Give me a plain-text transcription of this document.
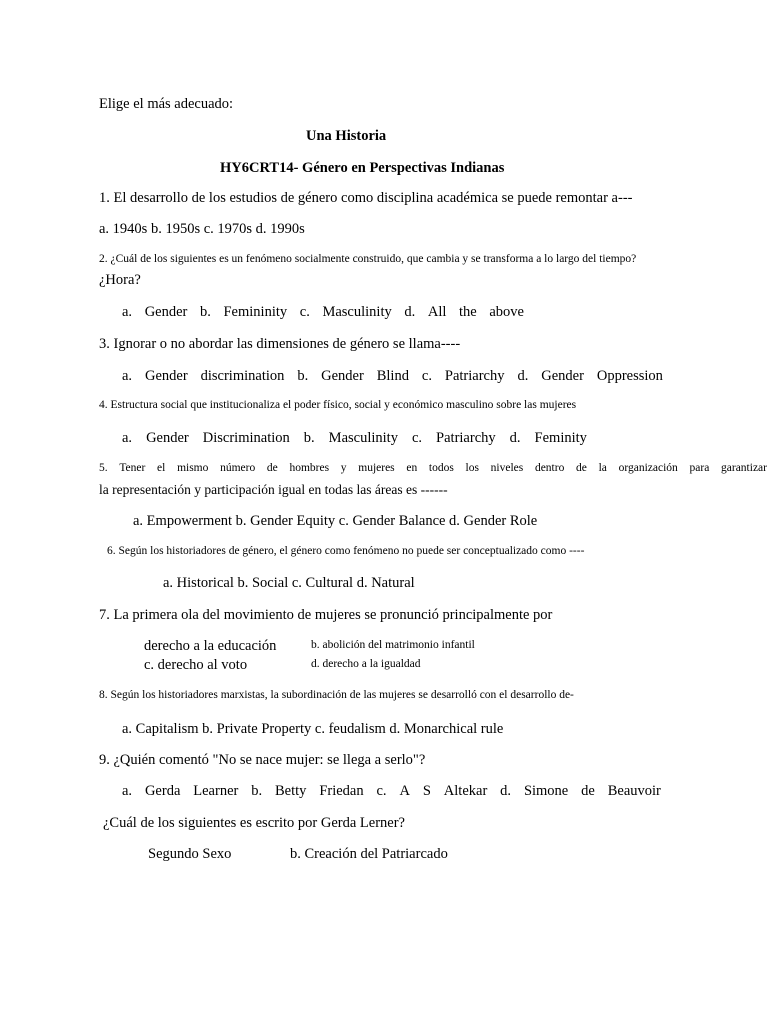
Elige el más adecuado:
Una Historia
HY6CRT14- Género en Perspectivas Indianas
1. El desarrollo de los estudios de género como disciplina académica se puede remontar a---
a. 1940s b. 1950s c. 1970s d. 1990s
2. ¿Cuál de los siguientes es un fenómeno socialmente construido, que cambia y se transforma a lo largo del tiempo?
¿Hora?
a. Gender b. Femininity c. Masculinity d. All the above
3. Ignorar o no abordar las dimensiones de género se llama----
a. Gender discrimination b. Gender Blind c. Patriarchy d. Gender Oppression
4. Estructura social que institucionaliza el poder físico, social y económico masculino sobre las mujeres
a. Gender Discrimination b. Masculinity c. Patriarchy d. Feminity
5. Tener el mismo número de hombres y mujeres en todos los niveles dentro de la organización para garantizar
la representación y participación igual en todas las áreas es ------
a. Empowerment b. Gender Equity c. Gender Balance d. Gender Role
6. Según los historiadores de género, el género como fenómeno no puede ser conceptualizado como ----
a. Historical b. Social c. Cultural d. Natural
7. La primera ola del movimiento de mujeres se pronunció principalmente por
derecho a la educación	b. abolición del matrimonio infantil
c. derecho al voto	d. derecho a la igualdad
8. Según los historiadores marxistas, la subordinación de las mujeres se desarrolló con el desarrollo de-
a. Capitalism b. Private Property c. feudalism d. Monarchical rule
9. ¿Quién comentó "No se nace mujer: se llega a serlo"?
a. Gerda Learner b. Betty Friedan c. A S Altekar d. Simone de Beauvoir
¿Cuál de los siguientes es escrito por Gerda Lerner?
Segundo Sexo	b. Creación del Patriarcado
